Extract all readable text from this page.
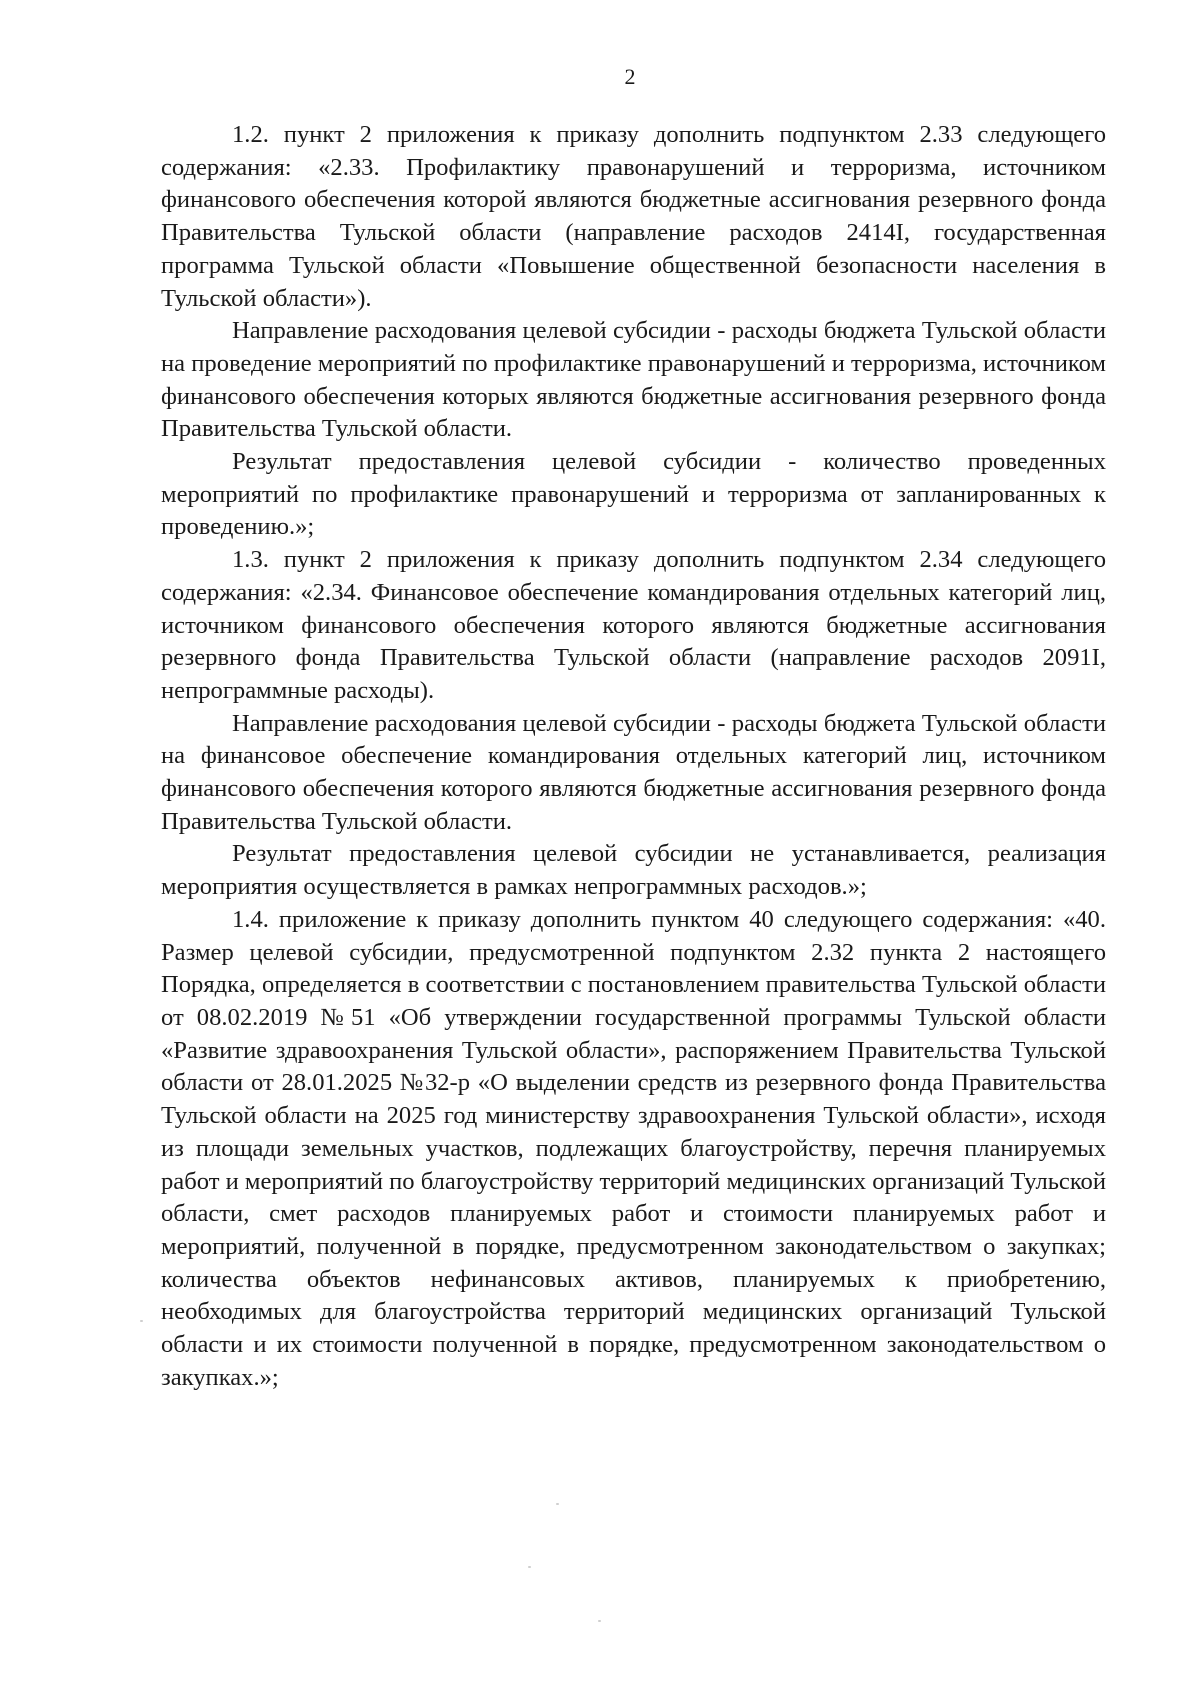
2

1.2. пункт 2 приложения к приказу дополнить подпунктом 2.33 следующего содержания: «2.33. Профилактику правонарушений и терроризма, источником финансового обеспечения которой являются бюджетные ассигнования резервного фонда Правительства Тульской области (направление расходов 2414I, государственная программа Тульской области «Повышение общественной безопасности населения в Тульской области»).

Направление расходования целевой субсидии - расходы бюджета Тульской области на проведение мероприятий по профилактике правонарушений и терроризма, источником финансового обеспечения которых являются бюджетные ассигнования резервного фонда Правительства Тульской области.

Результат предоставления целевой субсидии - количество проведенных мероприятий по профилактике правонарушений и терроризма от запланированных к проведению.»;

1.3. пункт 2 приложения к приказу дополнить подпунктом 2.34 следующего содержания: «2.34. Финансовое обеспечение командирования отдельных категорий лиц, источником финансового обеспечения которого являются бюджетные ассигнования резервного фонда Правительства Тульской области (направление расходов 2091I, непрограммные расходы).

Направление расходования целевой субсидии - расходы бюджета Тульской области на финансовое обеспечение командирования отдельных категорий лиц, источником финансового обеспечения которого являются бюджетные ассигнования резервного фонда Правительства Тульской области.

Результат предоставления целевой субсидии не устанавливается, реализация мероприятия осуществляется в рамках непрограммных расходов.»;

1.4. приложение к приказу дополнить пунктом 40 следующего содержания: «40. Размер целевой субсидии, предусмотренной подпунктом 2.32 пункта 2 настоящего Порядка, определяется в соответствии с постановлением правительства Тульской области от 08.02.2019 №51 «Об утверждении государственной программы Тульской области «Развитие здравоохранения Тульской области», распоряжением Правительства Тульской области от 28.01.2025 №32-р «О выделении средств из резервного фонда Правительства Тульской области на 2025 год министерству здравоохранения Тульской области», исходя из площади земельных участков, подлежащих благоустройству, перечня планируемых работ и мероприятий по благоустройству территорий медицинских организаций Тульской области, смет расходов планируемых работ и стоимости планируемых работ и мероприятий, полученной в порядке, предусмотренном законодательством о закупках; количества объектов нефинансовых активов, планируемых к приобретению, необходимых для благоустройства территорий медицинских организаций Тульской области и их стоимости полученной в порядке, предусмотренном законодательством о закупках.»;
